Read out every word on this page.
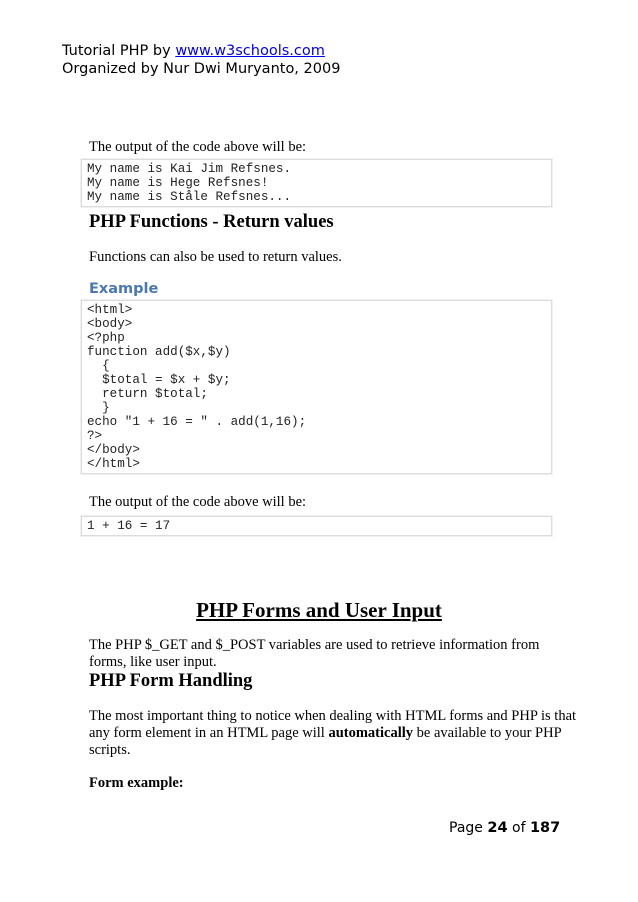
Tutorial PHP by www.w3schools.com
Organized by Nur Dwi Muryanto, 2009
The output of the code above will be:
My name is Kai Jim Refsnes.
My name is Hege Refsnes!
My name is Ståle Refsnes...
PHP Functions - Return values
Functions can also be used to return values.
Example
<html>
<body>
<?php
function add($x,$y)
{
$total = $x + $y;
return $total;
}
echo "1 + 16 = " . add(1,16);
?>
</body>
</html>
The output of the code above will be:
1 + 16 = 17
PHP Forms and User Input
The PHP $_GET and $_POST variables are used to retrieve information from
forms, like user input.
PHP Form Handling
The most important thing to notice when dealing with HTML forms and PHP is that
any form element in an HTML page will automatically be available to your PHP
scripts.
Form example:
Page 24 of 187
